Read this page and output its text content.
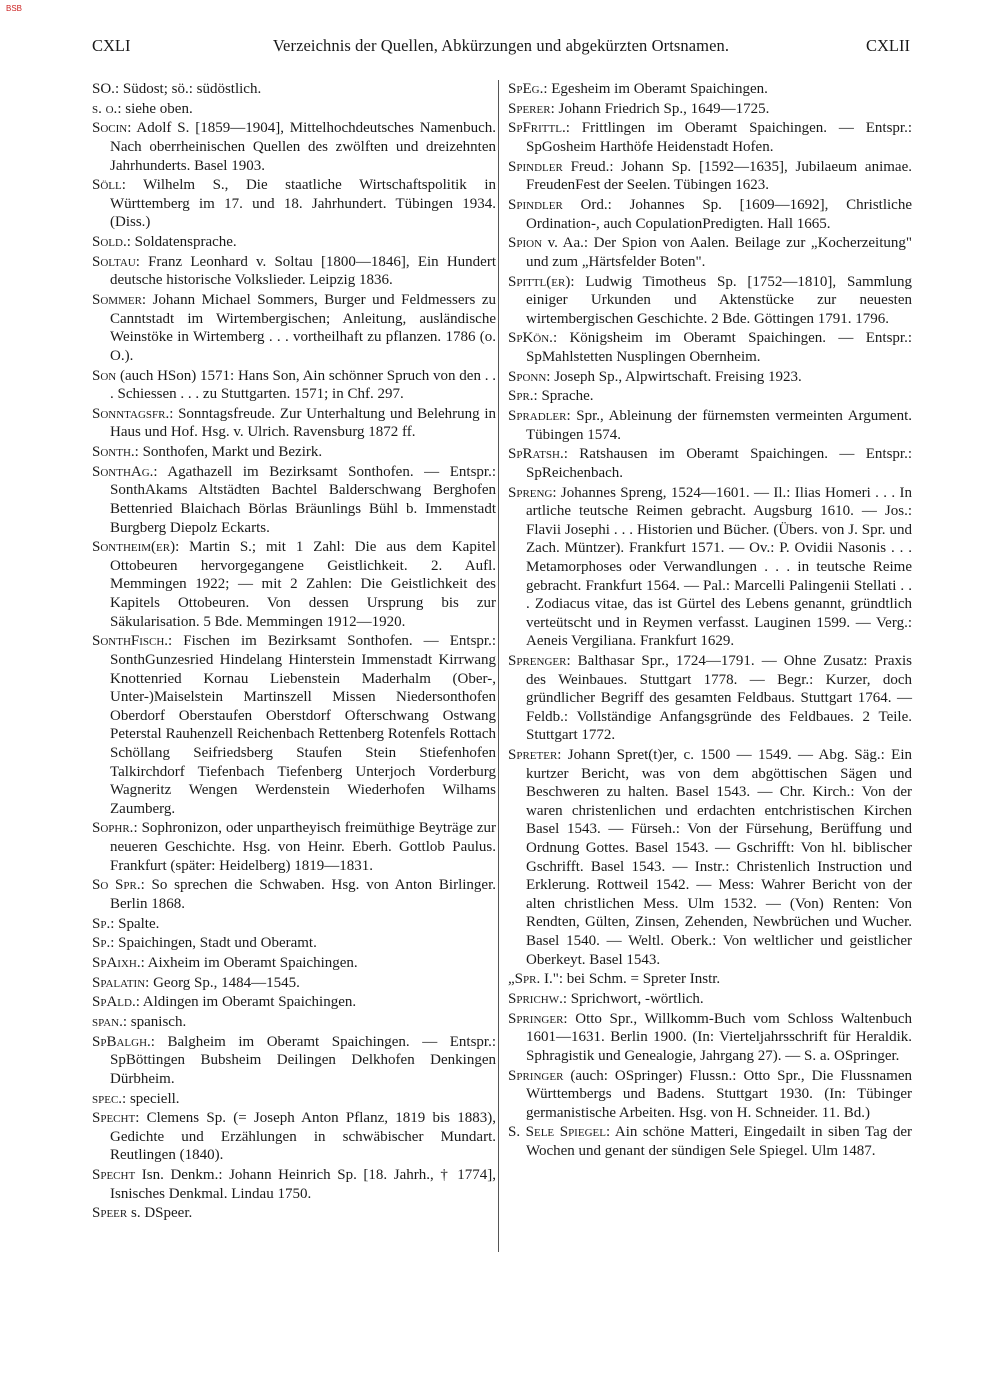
BSB
CXLI	Verzeichnis der Quellen, Abkürzungen und abgekürzten Ortsnamen.	CXLII

SO.: Südost; sö.: südöstlich.

s. o.: siehe oben.

Socin: Adolf S. [1859—1904], Mittelhochdeutsches Namenbuch. Nach oberrheinischen Quellen des zwölften und dreizehnten Jahrhunderts. Basel 1903.

Söll: Wilhelm S., Die staatliche Wirtschaftspolitik in Württemberg im 17. und 18. Jahrhundert. Tübingen 1934. (Diss.)

Sold.: Soldatensprache.

Soltau: Franz Leonhard v. Soltau [1800—1846], Ein Hundert deutsche historische Volkslieder. Leipzig 1836.

Sommer: Johann Michael Sommers, Burger und Feldmessers zu Canntstadt im Wirtembergischen; Anleitung, ausländische Weinstöke in Wirtemberg . . . vortheilhaft zu pflanzen. 1786 (o. O.).

Son (auch HSon) 1571: Hans Son, Ain schönner Spruch von den . . . Schiessen . . . zu Stuttgarten. 1571; in Chf. 297.

Sonntagsfr.: Sonntagsfreude. Zur Unterhaltung und Belehrung in Haus und Hof. Hsg. v. Ulrich. Ravensburg 1872 ff.

Sonth.: Sonthofen, Markt und Bezirk.

SonthAg.: Agathazell im Bezirksamt Sonthofen. — Entspr.: SonthAkams Altstädten Bachtel Balderschwang Berghofen Bettenried Blaichach Börlas Bräunlings Bühl b. Immenstadt Burgberg Diepolz Eckarts.

Sontheim(er): Martin S.; mit 1 Zahl: Die aus dem Kapitel Ottobeuren hervorgegangene Geistlichkeit. 2. Aufl. Memmingen 1922; — mit 2 Zahlen: Die Geistlichkeit des Kapitels Ottobeuren. Von dessen Ursprung bis zur Säkularisation. 5 Bde. Memmingen 1912—1920.

SonthFisch.: Fischen im Bezirksamt Sonthofen. — Entspr.: SonthGunzesried Hindelang Hinterstein Immenstadt Kirrwang Knottenried Kornau Liebenstein Maderhalm (Ober-, Unter-)Maiselstein Martinszell Missen Niedersonthofen Oberdorf Oberstaufen Oberstdorf Ofterschwang Ostwang Peterstal Rauhenzell Reichenbach Rettenberg Rotenfels Rottach Schöllang Seifriedsberg Staufen Stein Stiefenhofen Talkirchdorf Tiefenbach Tiefenberg Unterjoch Vorderburg Wagneritz Wengen Werdenstein Wiederhofen Wilhams Zaumberg.

Sophr.: Sophronizon, oder unpartheyisch freimüthige Beyträge zur neueren Geschichte. Hsg. von Heinr. Eberh. Gottlob Paulus. Frankfurt (später: Heidelberg) 1819—1831.

So Spr.: So sprechen die Schwaben. Hsg. von Anton Birlinger. Berlin 1868.

Sp.: Spalte.

Sp.: Spaichingen, Stadt und Oberamt.

SpAixh.: Aixheim im Oberamt Spaichingen.

Spalatin: Georg Sp., 1484—1545.

SpAld.: Aldingen im Oberamt Spaichingen.

span.: spanisch.

SpBalgh.: Balgheim im Oberamt Spaichingen. — Entspr.: SpBöttingen Bubsheim Deilingen Delkhofen Denkingen Dürbheim.

spec.: speciell.

Specht: Clemens Sp. (= Joseph Anton Pflanz, 1819 bis 1883), Gedichte und Erzählungen in schwäbischer Mundart. Reutlingen (1840).

Specht Isn. Denkm.: Johann Heinrich Sp. [18. Jahrh., † 1774], Isnisches Denkmal. Lindau 1750.

Speer s. DSpeer.

SpEg.: Egesheim im Oberamt Spaichingen.

Sperer: Johann Friedrich Sp., 1649—1725.

SpFrittl.: Frittlingen im Oberamt Spaichingen. — Entspr.: SpGosheim Harthöfe Heidenstadt Hofen.

Spindler Freud.: Johann Sp. [1592—1635], Jubilaeum animae. FreudenFest der Seelen. Tübingen 1623.

Spindler Ord.: Johannes Sp. [1609—1692], Christliche Ordination-, auch CopulationPredigten. Hall 1665.

Spion v. Aa.: Der Spion von Aalen. Beilage zur „Kocherzeitung" und zum „Härtsfelder Boten".

Spittl(er): Ludwig Timotheus Sp. [1752—1810], Sammlung einiger Urkunden und Aktenstücke zur neuesten wirtembergischen Geschichte. 2 Bde. Göttingen 1791. 1796.

SpKön.: Königsheim im Oberamt Spaichingen. — Entspr.: SpMahlstetten Nusplingen Obernheim.

Sponn: Joseph Sp., Alpwirtschaft. Freising 1923.

Spr.: Sprache.

Spradler: Spr., Ableinung der fürnemsten vermeinten Argument. Tübingen 1574.

SpRatsh.: Ratshausen im Oberamt Spaichingen. — Entspr.: SpReichenbach.

Spreng: Johannes Spreng, 1524—1601. — Il.: Ilias Homeri . . . In artliche teutsche Reimen gebracht. Augsburg 1610. — Jos.: Flavii Josephi . . . Historien und Bücher. (Übers. von J. Spr. und Zach. Müntzer). Frankfurt 1571. — Ov.: P. Ovidii Nasonis . . . Metamorphoses oder Verwandlungen . . . in teutsche Reime gebracht. Frankfurt 1564. — Pal.: Marcelli Palingenii Stellati . . . Zodiacus vitae, das ist Gürtel des Lebens genannt, gründtlich verteütscht und in Reymen verfasst. Lauginen 1599. — Verg.: Aeneis Vergiliana. Frankfurt 1629.

Sprenger: Balthasar Spr., 1724—1791. — Ohne Zusatz: Praxis des Weinbaues. Stuttgart 1778. — Begr.: Kurzer, doch gründlicher Begriff des gesamten Feldbaus. Stuttgart 1764. — Feldb.: Vollständige Anfangsgründe des Feldbaues. 2 Teile. Stuttgart 1772.

Spreter: Johann Spret(t)er, c. 1500 — 1549. — Abg. Säg.: Ein kurtzer Bericht, was von dem abgöttischen Sägen und Beschweren zu halten. Basel 1543. — Chr. Kirch.: Von der waren christenlichen und erdachten entchristischen Kirchen Basel 1543. — Fürseh.: Von der Fürsehung, Berüffung und Ordnung Gottes. Basel 1543. — Gschrifft: Von hl. biblischer Gschrifft. Basel 1543. — Instr.: Christenlich Instruction und Erklerung. Rottweil 1542. — Mess: Wahrer Bericht von der alten christlichen Mess. Ulm 1532. — (Von) Renten: Von Rendten, Gülten, Zinsen, Zehenden, Newbrüchen und Wucher. Basel 1540. — Weltl. Oberk.: Von weltlicher und geistlicher Oberkeyt. Basel 1543.

„Spr. I.": bei Schm. = Spreter Instr.

Sprichw.: Sprichwort, -wörtlich.

Springer: Otto Spr., Willkomm-Buch vom Schloss Waltenbuch 1601—1631. Berlin 1900. (In: Vierteljahrsschrift für Heraldik. Sphragistik und Genealogie, Jahrgang 27). — S. a. OSpringer.

Springer (auch: OSpringer) Flussn.: Otto Spr., Die Flussnamen Württembergs und Badens. Stuttgart 1930. (In: Tübinger germanistische Arbeiten. Hsg. von H. Schneider. 11. Bd.)

S. Sele Spiegel: Ain schöne Matteri, Eingedailt in siben Tag der Wochen und genant der sündigen Sele Spiegel. Ulm 1487.
